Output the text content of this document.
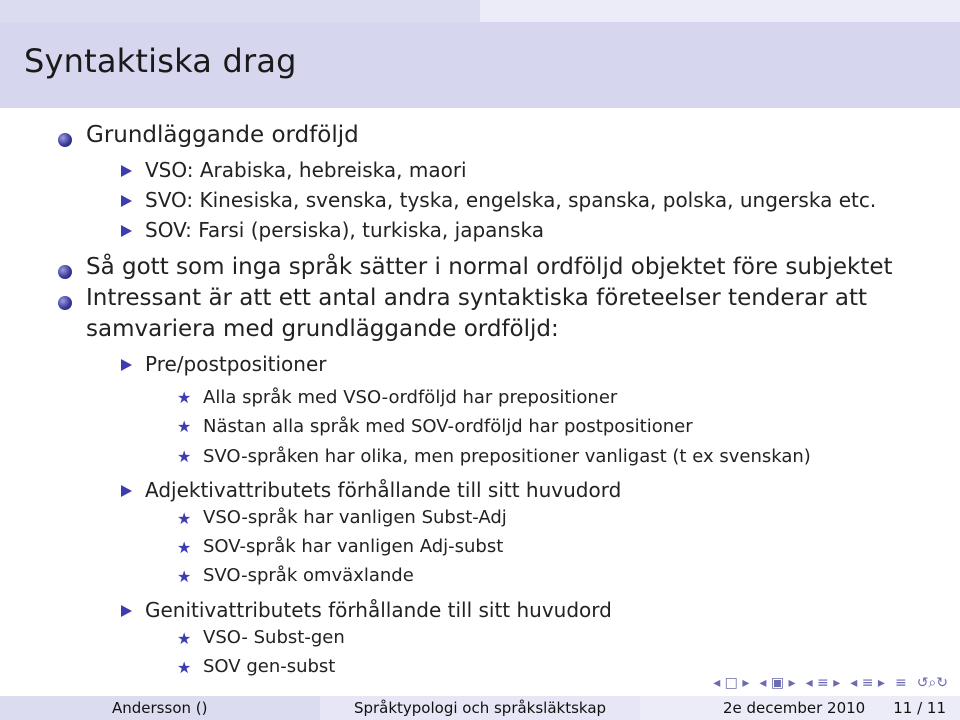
Syntaktiska drag
Grundläggande ordföljd
VSO: Arabiska, hebreiska, maori
SVO: Kinesiska, svenska, tyska, engelska, spanska, polska, ungerska etc.
SOV: Farsi (persiska), turkiska, japanska
Så gott som inga språk sätter i normal ordföljd objektet före subjektet
Intressant är att ett antal andra syntaktiska företeelser tenderar att
samvariera med grundläggande ordföljd:
Pre/postpositioner
★ Alla språk med VSO-ordföljd har prepositioner
★ Nästan alla språk med SOV-ordföljd har postpositioner
★ SVO-språken har olika, men prepositioner vanligast (t ex svenskan)
Adjektivattributets förhållande till sitt huvudord
★ VSO-språk har vanligen Subst-Adj
★ SOV-språk har vanligen Adj-subst
★ SVO-språk omväxlande
Genitivattributets förhållande till sitt huvudord
★ VSO- Subst-gen
★ SOV gen-subst
◂ □ ▸ ◂ ▣ ▸ ◂ ≡ ▸ ◂ ≡ ▸ ≡ ↺⌕↻
Andersson ()	Språktypologi och språksläktskap	2e december 2010 11 / 11
